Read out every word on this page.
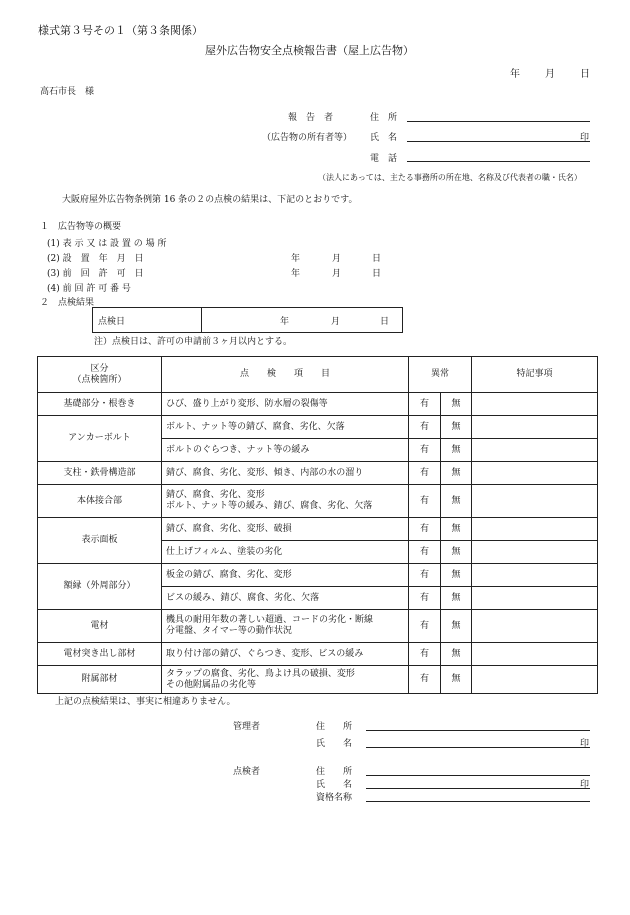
様式第３号その１（第３条関係）
屋外広告物安全点検報告書（屋上広告物）
年	月	日
高石市長　様
報　告　者	住　所
（広告物の所有者等） 氏　名	印
電　話
（法人にあっては、主たる事務所の所在地、名称及び代表者の職・氏名）
大阪府屋外広告物条例第 16 条の２の点検の結果は、下記のとおりです。
１　広告物等の概要
(1) 表 示 又 は 設 置 の 場 所
(2) 設　置　年　月　日	年	月	日
(3) 前　回　許　可　日	年	月	日
(4) 前 回 許 可 番 号
２　点検結果
点検日	年	月	日
注）点検日は、許可の申請前３ヶ月以内とする。
区分
（点検箇所）	点　　検　　項　　目	異常		特記事項
基礎部分・根巻き	ひび、盛り上がり変形、防水層の裂傷等	有	無	
アンカーボルト	ボルト、ナット等の錆び、腐食、劣化、欠落	有	無	
	ボルトのぐらつき、ナット等の緩み	有	無	
支柱・鉄骨構造部	錆び、腐食、劣化、変形、傾き、内部の水の溜り	有	無	
本体接合部	錆び、腐食、劣化、変形
ボルト、ナット等の緩み、錆び、腐食、劣化、欠落	有	無	
表示面板	錆び、腐食、劣化、変形、破損	有	無	
	仕上げフィルム、塗装の劣化	有	無	
額縁（外周部分）	板金の錆び、腐食、劣化、変形	有	無	
	ビスの緩み、錆び、腐食、劣化、欠落	有	無	
電材	機具の耐用年数の著しい超過、コードの劣化・断線
分電盤、タイマー等の動作状況	有	無	
電材突き出し部材	取り付け部の錆び、ぐらつき、変形、ビスの緩み	有	無	
附属部材	タラップの腐食、劣化、鳥よけ具の破損、変形
その他附属品の劣化等	有	無	
上記の点検結果は、事実に相違ありません。
管理者	住　　所
氏　　名	印
点検者	住　　所
氏　　名	印
資格名称
